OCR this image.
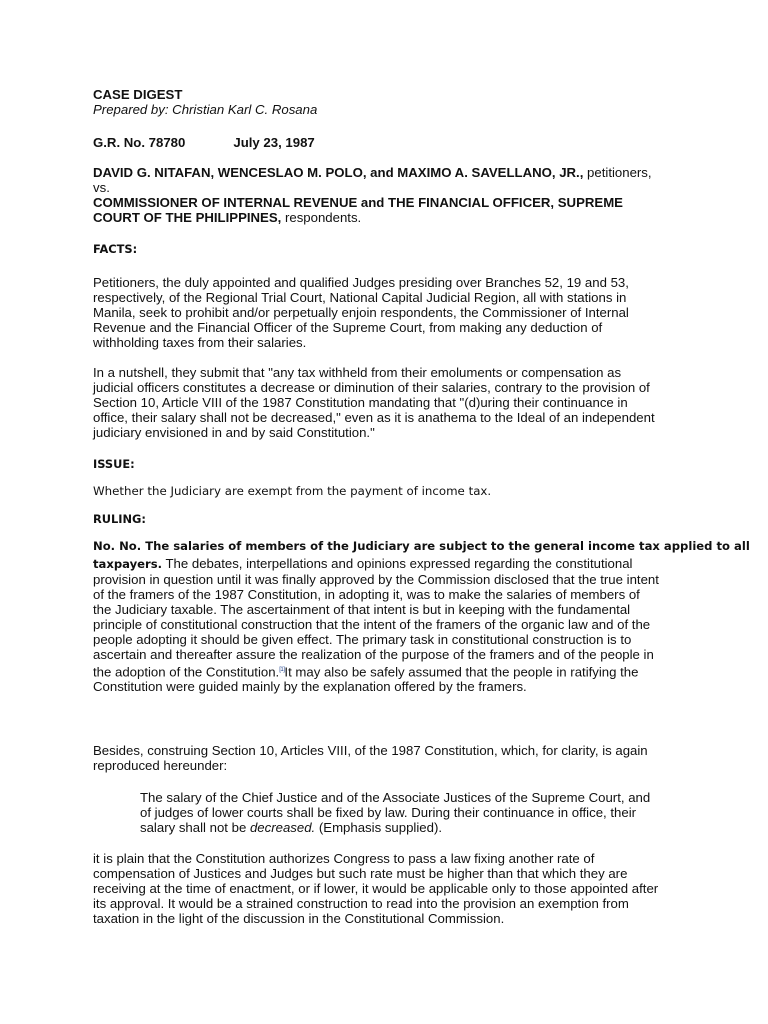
CASE DIGEST

Prepared by: Christian Karl C. Rosana

G.R. No. 78780	July 23, 1987

DAVID G. NITAFAN, WENCESLAO M. POLO, and MAXIMO A. SAVELLANO, JR., petitioners,
vs.
COMMISSIONER OF INTERNAL REVENUE and THE FINANCIAL OFFICER, SUPREME
COURT OF THE PHILIPPINES, respondents.

FACTS:

Petitioners, the duly appointed and qualified Judges presiding over Branches 52, 19 and 53,
respectively, of the Regional Trial Court, National Capital Judicial Region, all with stations in
Manila, seek to prohibit and/or perpetually enjoin respondents, the Commissioner of Internal
Revenue and the Financial Officer of the Supreme Court, from making any deduction of
withholding taxes from their salaries.
In a nutshell, they submit that "any tax withheld from their emoluments or compensation as
judicial officers constitutes a decrease or diminution of their salaries, contrary to the provision of
Section 10, Article VIII of the 1987 Constitution mandating that "(d)uring their continuance in
office, their salary shall not be decreased," even as it is anathema to the Ideal of an independent
judiciary envisioned in and by said Constitution."

ISSUE:

Whether the Judiciary are exempt from the payment of income tax.

RULING:

No. No. The salaries of members of the Judiciary are subject to the general income tax applied to all
taxpayers. The debates, interpellations and opinions expressed regarding the constitutional
provision in question until it was finally approved by the Commission disclosed that the true intent
of the framers of the 1987 Constitution, in adopting it, was to make the salaries of members of
the Judiciary taxable. The ascertainment of that intent is but in keeping with the fundamental
principle of constitutional construction that the intent of the framers of the organic law and of the
people adopting it should be given effect. The primary task in constitutional construction is to
ascertain and thereafter assure the realization of the purpose of the framers and of the people in
the adoption of the Constitution.[1]It may also be safely assumed that the people in ratifying the
Constitution were guided mainly by the explanation offered by the framers.
Besides, construing Section 10, Articles VIII, of the 1987 Constitution, which, for clarity, is again
reproduced hereunder:
The salary of the Chief Justice and of the Associate Justices of the Supreme Court, and
of judges of lower courts shall be fixed by law. During their continuance in office, their
salary shall not be decreased. (Emphasis supplied).
it is plain that the Constitution authorizes Congress to pass a law fixing another rate of
compensation of Justices and Judges but such rate must be higher than that which they are
receiving at the time of enactment, or if lower, it would be applicable only to those appointed after
its approval. It would be a strained construction to read into the provision an exemption from
taxation in the light of the discussion in the Constitutional Commission.
